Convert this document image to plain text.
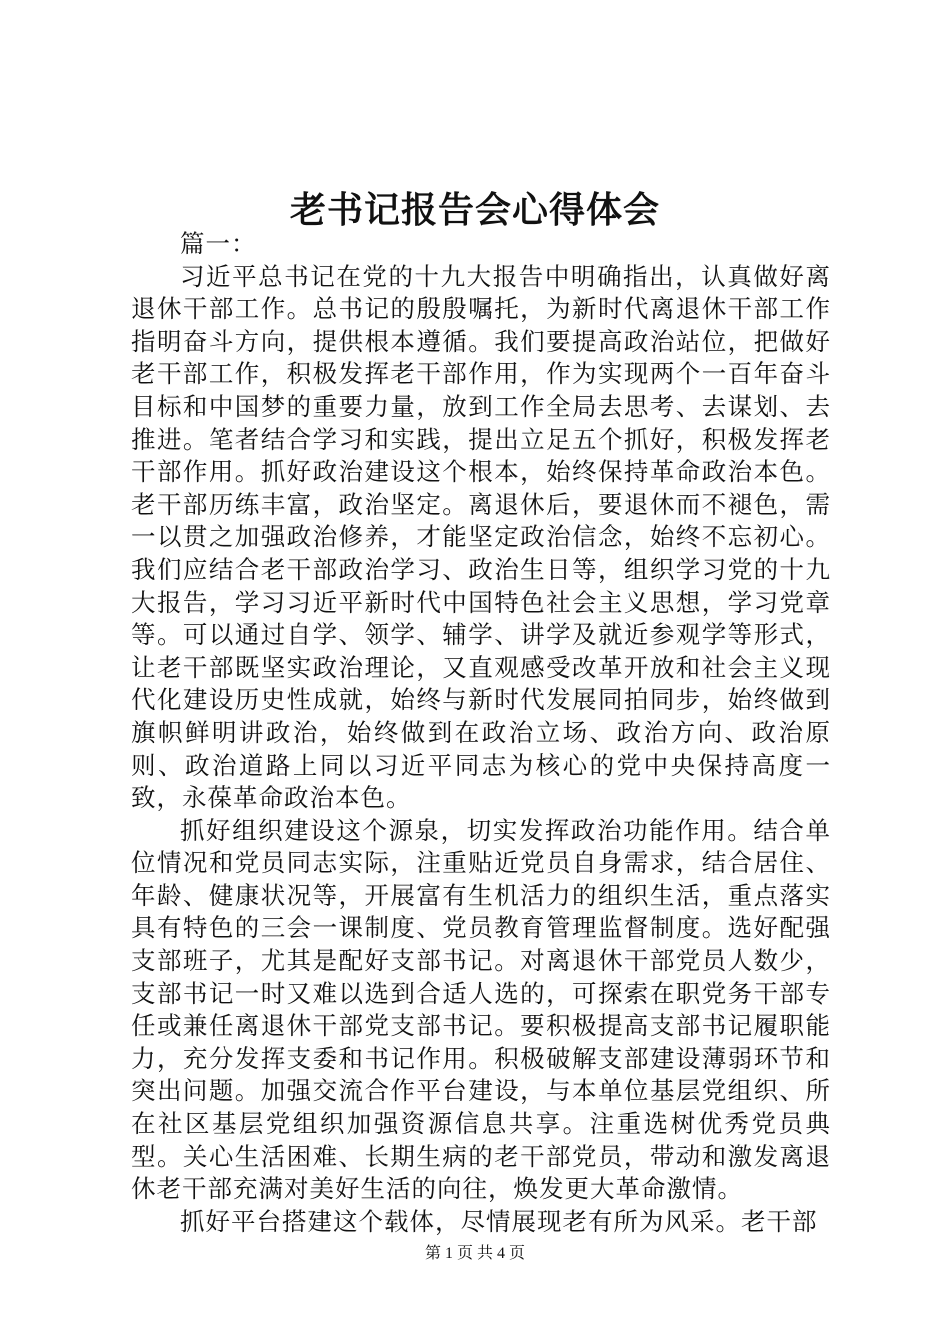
老书记报告会心得体会

篇一：

习近平总书记在党的十九大报告中明确指出，认真做好离退休干部工作。总书记的殷殷嘱托，为新时代离退休干部工作指明奋斗方向，提供根本遵循。我们要提高政治站位，把做好老干部工作，积极发挥老干部作用，作为实现两个一百年奋斗目标和中国梦的重要力量，放到工作全局去思考、去谋划、去推进。笔者结合学习和实践，提出立足五个抓好，积极发挥老干部作用。抓好政治建设这个根本，始终保持革命政治本色。老干部历练丰富，政治坚定。离退休后，要退休而不褪色，需一以贯之加强政治修养，才能坚定政治信念，始终不忘初心。我们应结合老干部政治学习、政治生日等，组织学习党的十九大报告，学习习近平新时代中国特色社会主义思想，学习党章等。可以通过自学、领学、辅学、讲学及就近参观学等形式，让老干部既坚实政治理论，又直观感受改革开放和社会主义现代化建设历史性成就，始终与新时代发展同拍同步，始终做到旗帜鲜明讲政治，始终做到在政治立场、政治方向、政治原则、政治道路上同以习近平同志为核心的党中央保持高度一致，永葆革命政治本色。

抓好组织建设这个源泉，切实发挥政治功能作用。结合单位情况和党员同志实际，注重贴近党员自身需求，结合居住、年龄、健康状况等，开展富有生机活力的组织生活，重点落实具有特色的三会一课制度、党员教育管理监督制度。选好配强支部班子，尤其是配好支部书记。对离退休干部党员人数少，支部书记一时又难以选到合适人选的，可探索在职党务干部专任或兼任离退休干部党支部书记。要积极提高支部书记履职能力，充分发挥支委和书记作用。积极破解支部建设薄弱环节和突出问题。加强交流合作平台建设，与本单位基层党组织、所在社区基层党组织加强资源信息共享。注重选树优秀党员典型。关心生活困难、长期生病的老干部党员，带动和激发离退休老干部充满对美好生活的向往，焕发更大革命激情。

抓好平台搭建这个载体，尽情展现老有所为风采。老干部

第 1 页 共 4 页
